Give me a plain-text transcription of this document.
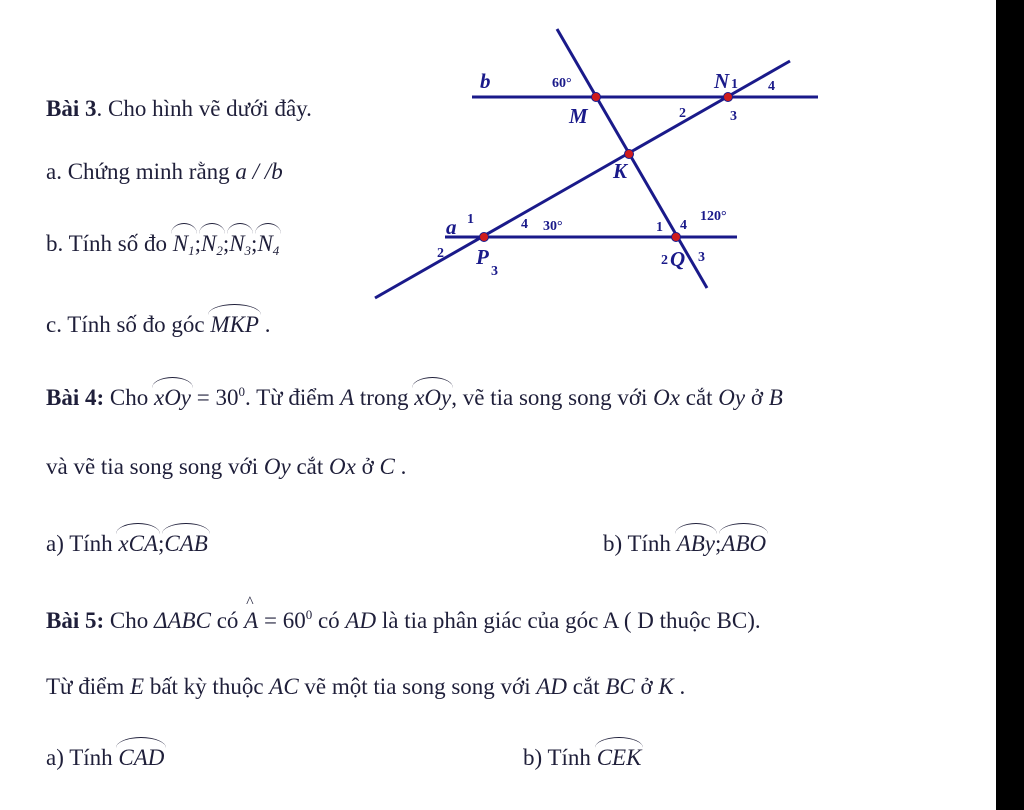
Bài 3. Cho hình vẽ dưới đây.
a. Chứng minh rằng a / /b
b. Tính số đo $N_1;N_2;N_3;N_4$
c. Tính số đo góc MKP .
b
a
M
N
K
P	Q
60°
30°
120°
1 4
2	3
1	4
2
3
1 4
2 3
Bài 4: Cho xOy = $30^0$. Từ điểm A trong xOy, vẽ tia song song với Ox cắt Oy ở B
và vẽ tia song song với Oy cắt Ox ở C .
a) Tính xCA;CAB	b) Tính ABy;ABO
Bài 5: Cho ΔABC có ^ $A = 60^0$ có AD là tia phân giác của góc A ( D thuộc BC).
Từ điểm E bất kỳ thuộc AC vẽ một tia song song với AD cắt BC ở K .
a) Tính CAD	b) Tính CEK
